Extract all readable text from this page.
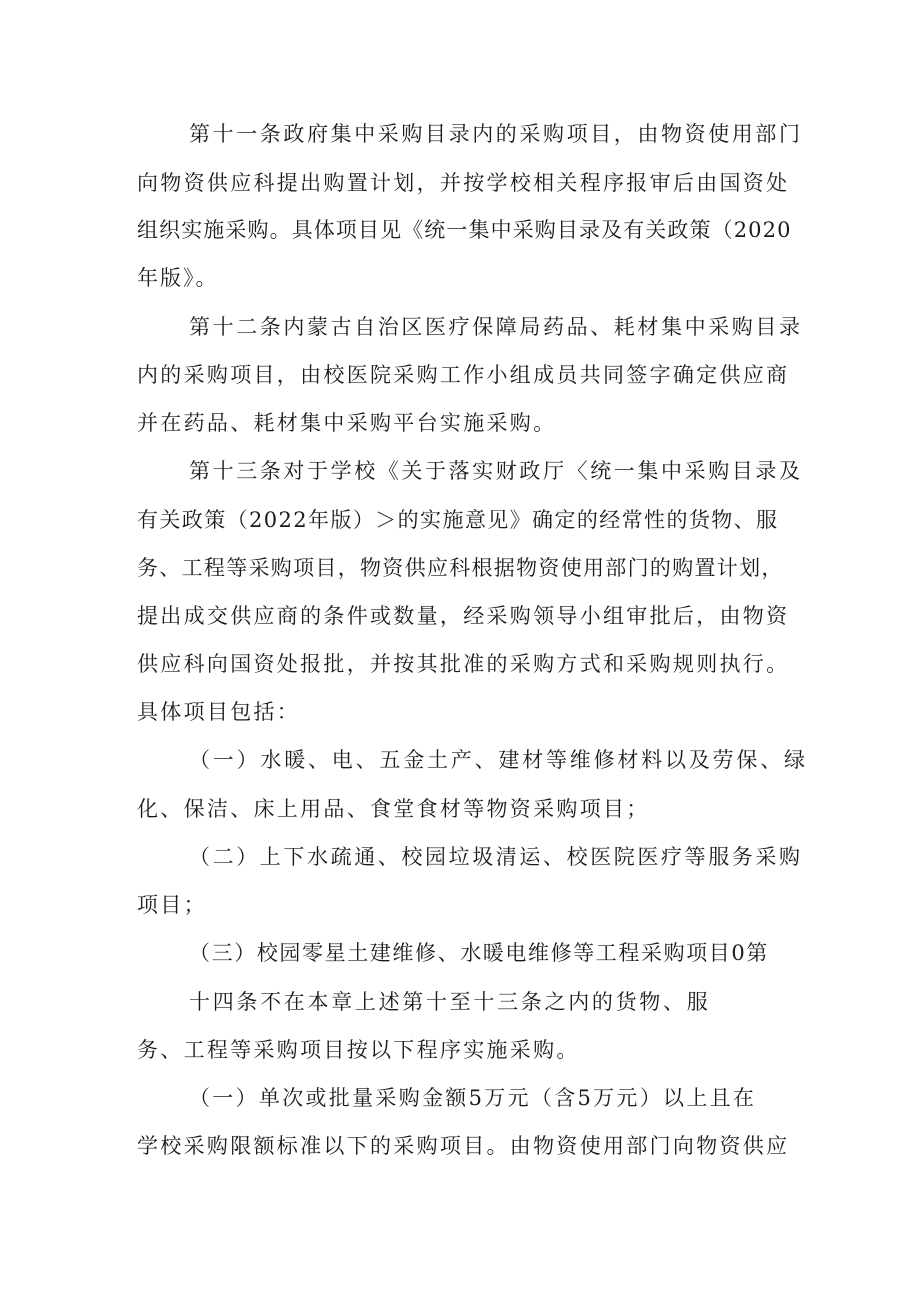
第十一条政府集中采购目录内的采购项目，由物资使用部门
向物资供应科提出购置计划，并按学校相关程序报审后由国资处
组织实施采购。具体项目见《统一集中采购目录及有关政策（2020
年版》。
第十二条内蒙古自治区医疗保障局药品、耗材集中采购目录
内的采购项目，由校医院采购工作小组成员共同签字确定供应商
并在药品、耗材集中采购平台实施采购。
第十三条对于学校《关于落实财政厅〈统一集中采购目录及
有关政策（2022年版）＞的实施意见》确定的经常性的货物、服
务、工程等采购项目，物资供应科根据物资使用部门的购置计划，
提出成交供应商的条件或数量，经采购领导小组审批后，由物资
供应科向国资处报批，并按其批准的采购方式和采购规则执行。
具体项目包括：
（一）水暖、电、五金土产、建材等维修材料以及劳保、绿
化、保洁、床上用品、食堂食材等物资采购项目；
（二）上下水疏通、校园垃圾清运、校医院医疗等服务采购
项目；
（三）校园零星土建维修、水暖电维修等工程采购项目0第
十四条不在本章上述第十至十三条之内的货物、服
务、工程等采购项目按以下程序实施采购。
（一）单次或批量采购金额5万元（含5万元）以上且在
学校采购限额标准以下的采购项目。由物资使用部门向物资供应
